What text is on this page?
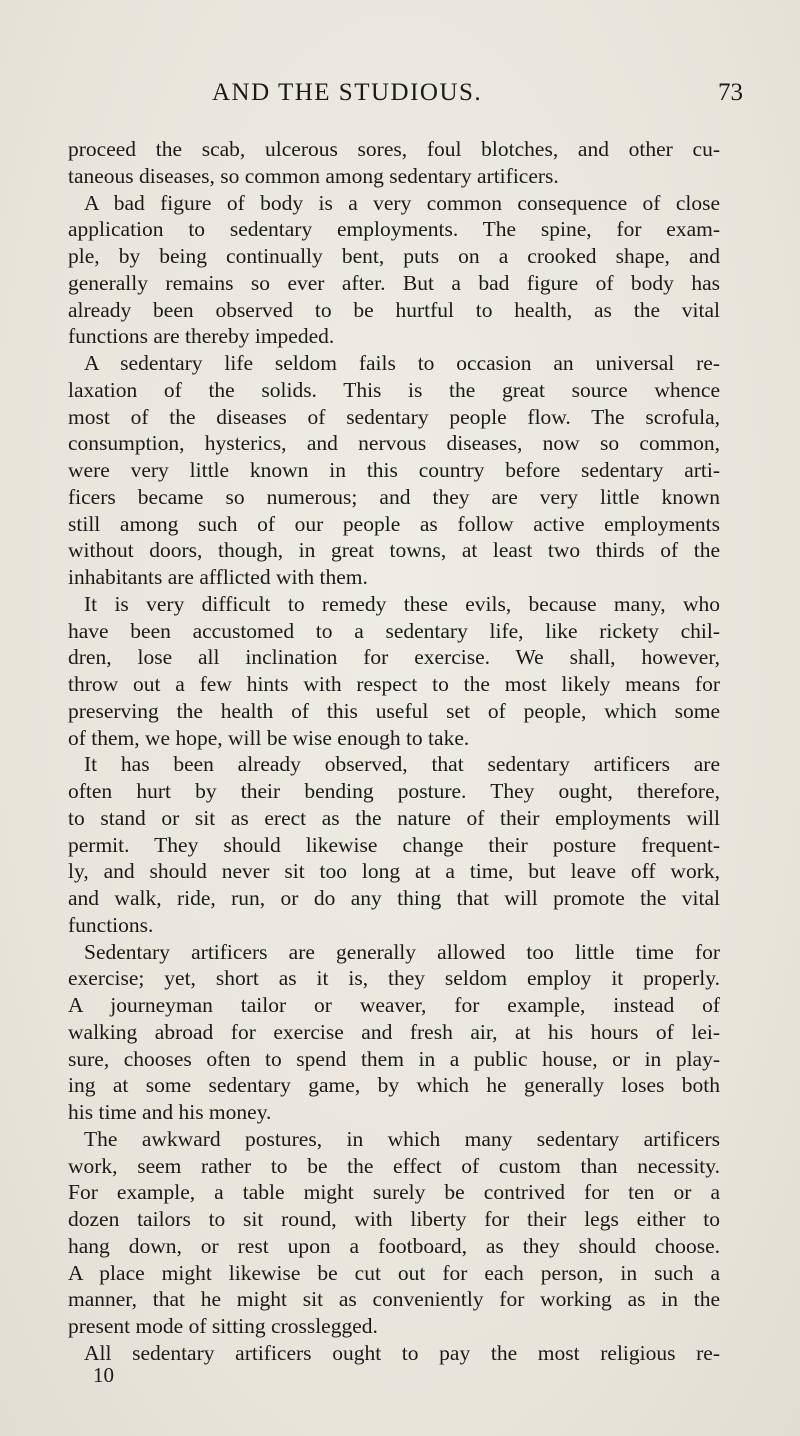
AND THE STUDIOUS.	73
proceed the scab, ulcerous sores, foul blotches, and other cu-
taneous diseases, so common among sedentary artificers.
A bad figure of body is a very common consequence of close
application to sedentary employments. The spine, for exam-
ple, by being continually bent, puts on a crooked shape, and
generally remains so ever after. But a bad figure of body has
already been observed to be hurtful to health, as the vital
functions are thereby impeded.
A sedentary life seldom fails to occasion an universal re-
laxation of the solids. This is the great source whence
most of the diseases of sedentary people flow. The scrofula,
consumption, hysterics, and nervous diseases, now so common,
were very little known in this country before sedentary arti-
ficers became so numerous; and they are very little known
still among such of our people as follow active employments
without doors, though, in great towns, at least two thirds of the
inhabitants are afflicted with them.
It is very difficult to remedy these evils, because many, who
have been accustomed to a sedentary life, like rickety chil-
dren, lose all inclination for exercise. We shall, however,
throw out a few hints with respect to the most likely means for
preserving the health of this useful set of people, which some
of them, we hope, will be wise enough to take.
It has been already observed, that sedentary artificers are
often hurt by their bending posture. They ought, therefore,
to stand or sit as erect as the nature of their employments will
permit. They should likewise change their posture frequent-
ly, and should never sit too long at a time, but leave off work,
and walk, ride, run, or do any thing that will promote the vital
functions.
Sedentary artificers are generally allowed too little time for
exercise; yet, short as it is, they seldom employ it properly.
A journeyman tailor or weaver, for example, instead of
walking abroad for exercise and fresh air, at his hours of lei-
sure, chooses often to spend them in a public house, or in play-
ing at some sedentary game, by which he generally loses both
his time and his money.
The awkward postures, in which many sedentary artificers
work, seem rather to be the effect of custom than necessity.
For example, a table might surely be contrived for ten or a
dozen tailors to sit round, with liberty for their legs either to
hang down, or rest upon a footboard, as they should choose.
A place might likewise be cut out for each person, in such a
manner, that he might sit as conveniently for working as in the
present mode of sitting crosslegged.
All sedentary artificers ought to pay the most religious re-
10
